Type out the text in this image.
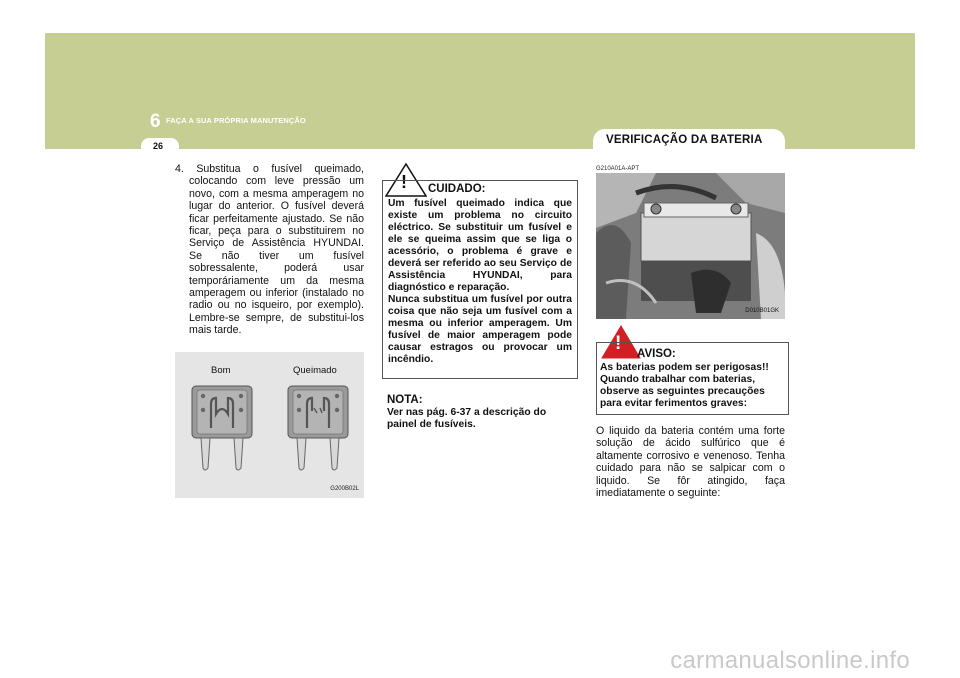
6 FAÇA A SUA PRÓPRIA MANUTENÇÃO
26	VERIFICAÇÃO DA BATERIA
4. Substitua o fusível queimado, colocando com leve pressão um novo, com a mesma amperagem no lugar do anterior. O fusível deverá ficar perfeitamente ajustado. Se não ficar, peça para o substituirem no Serviço de Assistência HYUNDAI. Se não tiver um fusível sobressalente, poderá usar temporáriamente um da mesma amperagem ou inferior (instalado no radio ou no isqueiro, por exemplo). Lembre-se sempre, de substitui-los mais tarde.
Bom	Queimado
G200B02L
! CUIDADO:

Um fusível queimado indica que existe um problema no circuito eléctrico. Se substituir um fusível e ele se queima assim que se liga o acessório, o problema é grave e deverá ser referido ao seu Serviço de Assistência HYUNDAI, para diagnóstico e reparação.

Nunca substitua um fusível por outra coisa que não seja um fusível com a mesma ou inferior amperagem. Um fusível de maior amperagem pode causar estragos ou provocar um incêndio.

NOTA:
Ver nas pág. 6-37 a descrição do painel de fusíveis.
G210A01A-APT
D010B01GK
! AVISO:

As baterias podem ser perigosas!! Quando trabalhar com baterias, observe as seguintes precauções para evitar ferimentos graves:

O liquido da bateria contém uma forte solução de ácido sulfúrico que é altamente corrosivo e venenoso. Tenha cuidado para não se salpicar com o liquido. Se fôr atingido, faça imediatamente o seguinte:
carmanualsonline.info
